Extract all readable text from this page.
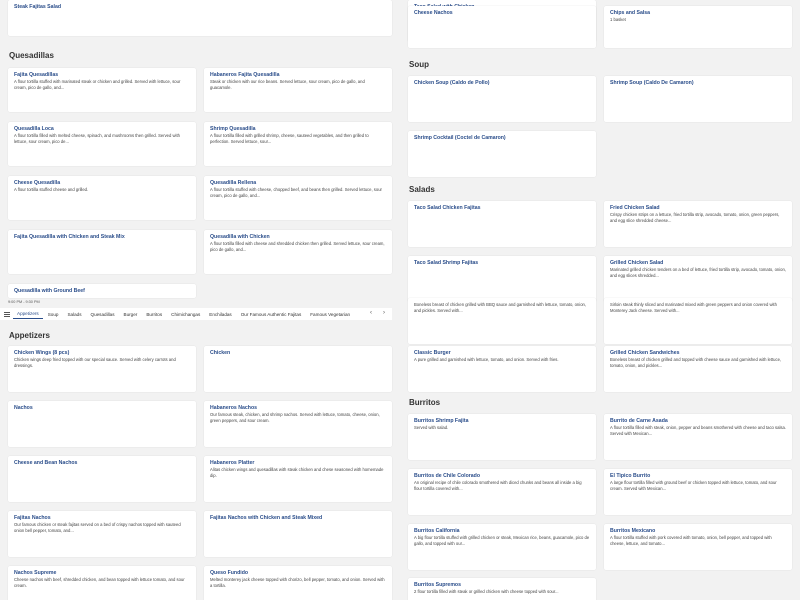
Steak Fajitas Salad
Quesadillas
Fajita Quesadillas
A flour tortilla stuffed with marinated steak or chicken and grilled. Served with lettuce, sour cream, pico de gallo, and...
Habaneros Fajita Quesadilla
Steak or chicken with our rice beans. Served lettuce, sour cream, pico de gallo, and guacamole.
Quesadilla Loca
A flour tortilla filled with melted cheese, spinach, and mushrooms then grilled. Served with lettuce, sour cream, pico de...
Shrimp Quesadilla
A flour tortilla filled with grilled shrimp, cheese, sauteed vegetables, and then grilled to perfection. Served lettuce, sour...
Cheese Quesadilla
A flour tortilla stuffed cheese and grilled.
Quesadilla Rellena
A flour tortilla stuffed with cheese, chopped beef, and beans then grilled. Served lettuce, sour cream, pico de gallo, and...
Fajita Quesadilla with Chicken and Steak Mix	Quesadilla with Chicken
A flour tortilla filled with cheese and shredded chicken then grilled. Served lettuce, sour cream, pico de gallo, and...
Quesadilla with Ground Beef
9:00 PM - 9:30 PM
Appetizers	Soup	Salads	Quesadillas	Burger	Burritos	Chimichangas	Enchiladas	Our Famous Authentic Fajitas	Famous Vegetarian	‹ ›
Appetizers
Chicken Wings (8 pcs)
Chicken wings deep fried topped with our special sauce. Served with celery carrots and dressings.
Chicken
Nachos	Habaneros Nachos
Our famous steak, chicken, and shrimp nachos. Served with lettuce, tomato, cheese, onion, green peppers, and sour cream.
Cheese and Bean Nachos	Habaneros Platter
Alitas chicken wings and quesadillas with steak chicken and chese seasoned with homemade dip.
Fajitas Nachos
Our famous chicken or steak fajitas served on a bed of crispy nachos topped with sauteed onion bell pepper, tomato, and...
Fajitas Nachos with Chicken and Steak Mixed
Nachos Supreme
Cheese nachos with beef, shredded chicken, and bean topped with lettuce tomato, and sour cream.
Queso Fundido
Melted monterey jack cheese topped with chorizo, bell pepper, tomato, and onion. Served with a tortilla.
Cheese Nachos	Chips and Salsa
1 basket
Soup
Chicken Soup (Caldo de Pollo)	Shrimp Soup (Caldo De Camaron)
Shrimp Cocktail (Coctel de Camaron)
Salads
Taco Salad Chicken Fajitas	Fried Chicken Salad
Crispy chicken strips on a lettuce, fried tortilla strip, avocado, tomato, onion, green peppers, and egg slice shredded cheese...
Taco Salad Shrimp Fajitas	Grilled Chicken Salad
Marinated grilled chicken tenders on a bed of lettuce, fried tortilla strip, avocado, tomato, onion, and egg slices shredded...
Boneless breast of chicken grilled with BBQ sauce and garnished with lettuce, tomato, onion, and pickles. Served with...
Sirloin steak thinly sliced and marinated mixed with green peppers and onion covered with Monterey Jack cheese. Served with...
Classic Burger
A pure grilled and garnished with lettuce, tomato, and onion. Served with fries.
Grilled Chicken Sandwiches
Boneless breast of chicken grilled and topped with cheese sauce and garnished with lettuce, tomato, onion, and pickles...
Burritos
Burritos Shrimp Fajita
Served with salad.
Burrito de Carne Asada
A flour tortilla filled with steak, onion, pepper and beans smothered with cheese and taco salsa. Served with Mexican...
Burritos de Chile Colorado
An original recipe of chile colorado smothered with diced chunks and beans all inside a big flour tortilla covered with...
El Tipico Burrito
A large flour tortilla filled with ground beef or chicken topped with lettuce, tomato, and sour cream. Served with Mexican...
Burritos California
A big flour tortilla stuffed with grilled chicken or steak, Mexican rice, beans, guacamole, pico de gallo, and topped with our...
Burritos Mexicano
A flour tortilla stuffed with pork covered with tomato, onion, bell pepper, and topped with cheese, lettuce, and tomato...
Burritos Supremos
2 flour tortilla filled with steak or grilled chicken with cheese topped with sour...
